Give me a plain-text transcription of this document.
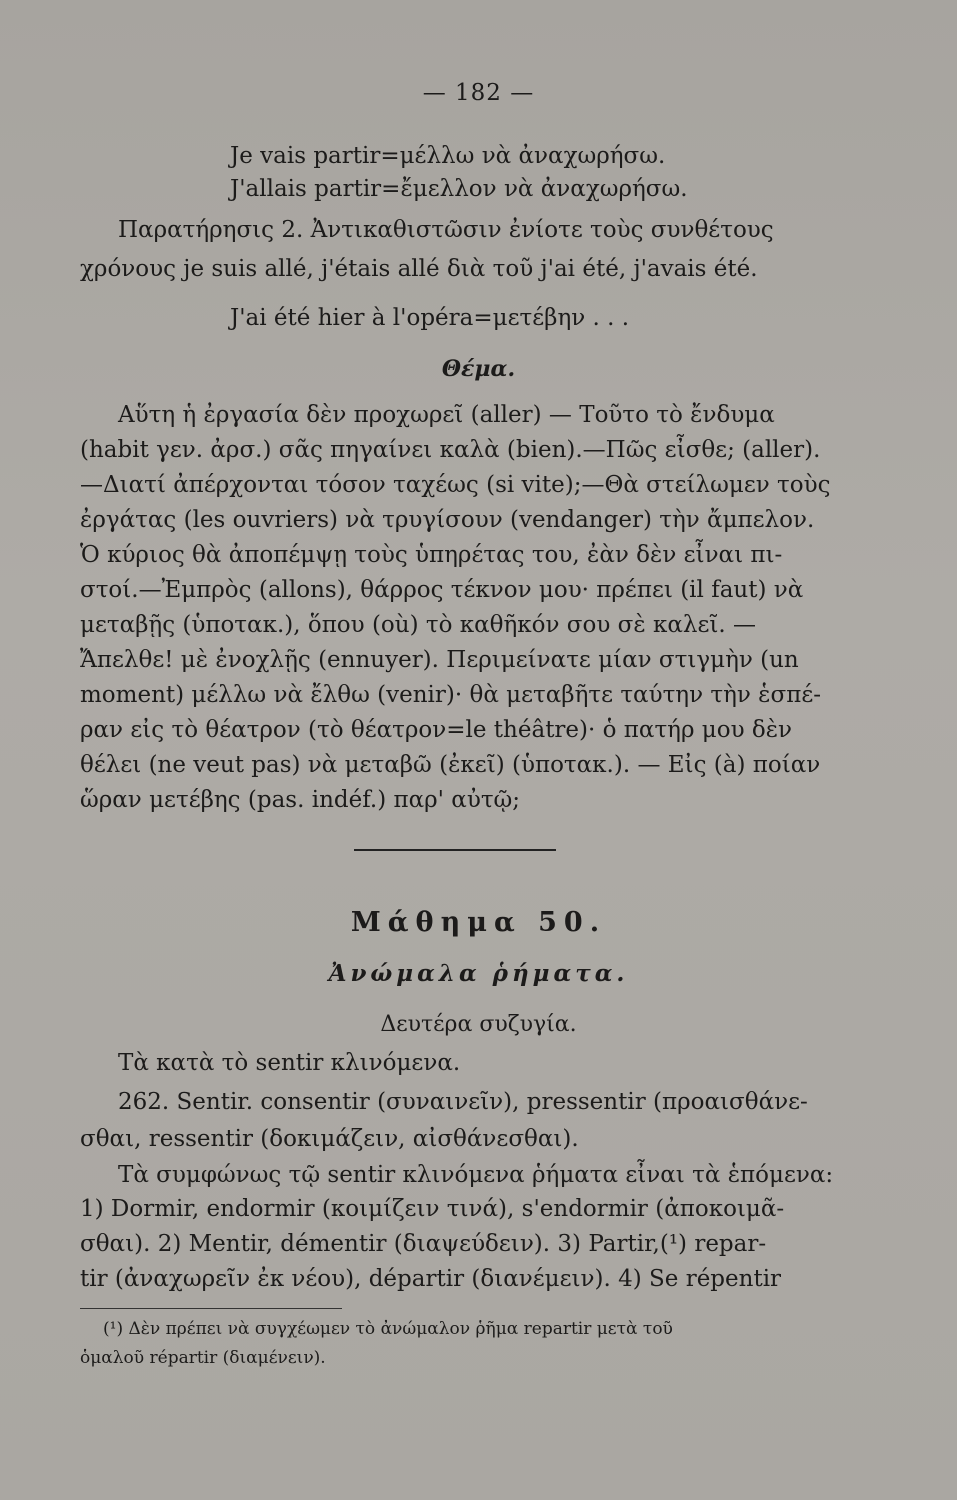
— 182 —
Je vais partir=μέλλω νὰ ἀναχωρήσω.
J'allais partir=ἔμελλον νὰ ἀναχωρήσω.
Παρατήρησις 2. Ἀντικαθιστῶσιν ἐνίοτε τοὺς συνθέτους
χρόνους je suis allé, j'étais allé διὰ τοῦ j'ai été, j'avais été.
J'ai été hier à l'opéra=μετέβην . . .
Θέμα.
Αὕτη ἡ ἐργασία δὲν προχωρεῖ (aller) — Τοῦτο τὸ ἔνδυμα
(habit γεν. ἀρσ.) σᾶς πηγαίνει καλὰ (bien).—Πῶς εἶσθε; (aller).
—Διατί ἀπέρχονται τόσον ταχέως (si vite);—Θὰ στείλωμεν τοὺς
ἐργάτας (les ouvriers) νὰ τρυγίσουν (vendanger) τὴν ἄμπελον.
Ὁ κύριος θὰ ἀποπέμψῃ τοὺς ὑπηρέτας του, ἐὰν δὲν εἶναι πι-
στοί.—Ἐμπρὸς (allons), θάρρος τέκνον μου· πρέπει (il faut) νὰ
μεταβῇς (ὑποτακ.), ὅπου (où) τὸ καθῆκόν σου σὲ καλεῖ. —
Ἄπελθε! μὲ ἐνοχλῇς (ennuyer). Περιμείνατε μίαν στιγμὴν (un
moment) μέλλω νὰ ἔλθω (venir)· θὰ μεταβῆτε ταύτην τὴν ἑσπέ-
ραν εἰς τὸ θέατρον (τὸ θέατρον=le théâtre)· ὁ πατήρ μου δὲν
θέλει (ne veut pas) νὰ μεταβῶ (ἐκεῖ) (ὑποτακ.). — Εἰς (à) ποίαν
ὥραν μετέβης (pas. indéf.) παρ' αὐτῷ;
Μάθημα 50.
Ἀνώμαλα ῥήματα.
Δευτέρα συζυγία.
Τὰ κατὰ τὸ sentir κλινόμενα.
262. Sentir. consentir (συναινεῖν), pressentir (προαισθάνε-
σθαι, ressentir (δοκιμάζειν, αἰσθάνεσθαι).
Τὰ συμφώνως τῷ sentir κλινόμενα ῥήματα εἶναι τὰ ἑπόμενα:
1) Dormir, endormir (κοιμίζειν τινά), s'endormir (ἀποκοιμᾶ-
σθαι). 2) Mentir, démentir (διαψεύδειν). 3) Partir,(¹) repar-
tir (ἀναχωρεῖν ἐκ νέου), départir (διανέμειν). 4) Se répentir
(¹) Δὲν πρέπει νὰ συγχέωμεν τὸ ἀνώμαλον ῥῆμα repartir μετὰ τοῦ
ὁμαλοῦ répartir (διαμένειν).
